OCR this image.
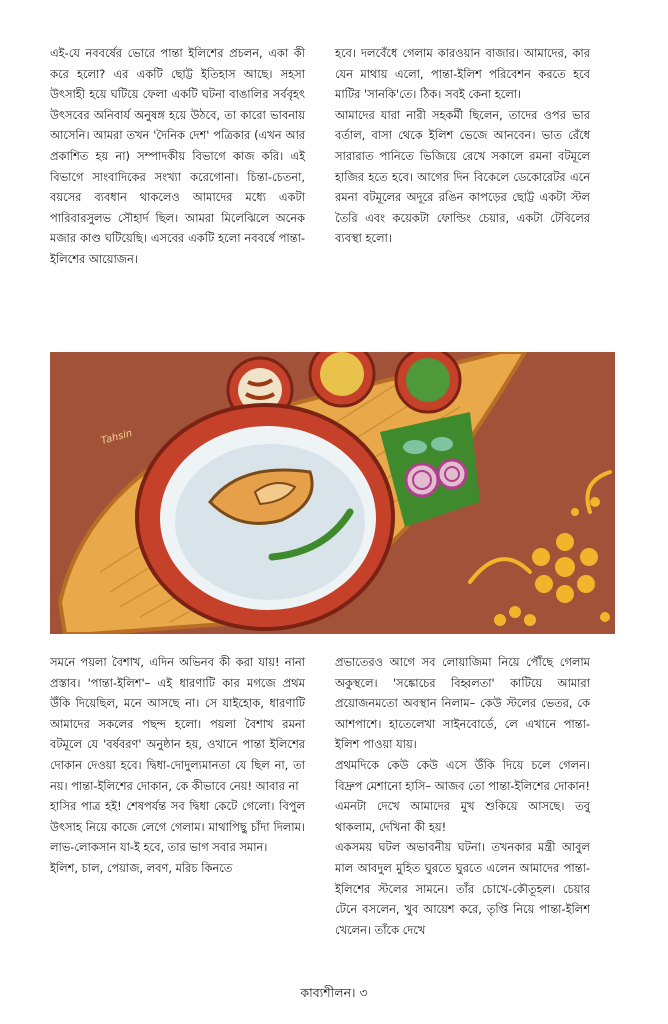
এই-যে নববর্ষের ভোরে পান্তা ইলিশের প্রচলন, একা কী করে হলো? এর একটি ছোট্ট ইতিহাস আছে। সহসা উৎসাহী হয়ে ঘটিয়ে ফেলা একটি ঘটনা বাঙালির সর্ববৃহৎ উৎসবের অনিবার্য অনুষঙ্গ হয়ে উঠবে, তা কারো ভাবনায় আসেনি। আমরা তখন 'দৈনিক দেশ' পত্রিকার (এখন আর প্রকাশিত হয় না) সম্পাদকীয় বিভাগে কাজ করি। এই বিভাগে সাংবাদিকের সংখ্যা করেগোনা। চিন্তা-চেতনা, বয়সের ব্যবধান থাকলেও আমাদের মধ্যে একটা পারিবারসুলভ সৌহার্দ ছিল। আমরা মিলেঝিলে অনেক মজার কাণ্ড ঘটিয়েছি। এসবের একটি হলো নববর্ষে পান্তা-ইলিশের আয়োজন।

হবে। দলবেঁধে গেলাম কারওয়ান বাজার। আমাদের, কার যেন মাথায় এলো, পান্তা-ইলিশ পরিবেশন করতে হবে মাটির 'সানকি'তে। ঠিক। সবই কেনা হলো।

আমাদের যারা নারী সহকর্মী ছিলেন, তাদের ওপর ভার বর্তাল, বাসা থেকে ইলিশ ভেজে আনবেন। ভাত রেঁধে সারারাত পানিতে ভিজিয়ে রেখে সকালে রমনা বটমূলে হাজির হতে হবে। আগের দিন বিকেলে ডেকোরেটর এনে রমনা বটমূলের অদূরে রঙিন কাপড়ের ছোট্ট একটা স্টল তৈরি এবং কয়েকটা ফোল্ডিং চেয়ার, একটা টেবিলের ব্যবস্থা হলো।

Tahsin

সমনে পয়লা বৈশাখ, এদিন অভিনব কী করা যায়! নানা প্রস্তাব। 'পান্তা-ইলিশ'– এই ধারণাটি কার মগজে প্রথম উঁকি দিয়েছিল, মনে আসছে না। সে যাইহোক, ধারণাটি আমাদের সকলের পছন্দ হলো। পয়লা বৈশাখ রমনা বটমূলে যে 'বর্ষবরণ' অনুষ্ঠান হয়, ওখানে পান্তা ইলিশের দোকান দেওয়া হবে। দ্বিধা-দোদুল্যমানতা যে ছিল না, তা নয়। পান্তা-ইলিশের দোকান, কে কীভাবে নেয়! আবার না

হাসির পাত্র হই! শেষপর্যন্ত সব দ্বিধা কেটে গেলো। বিপুল উৎসাহ নিয়ে কাজে লেগে গেলাম। মাথাপিছু চাঁদা দিলাম। লাভ-লোকসান যা-ই হবে, তার ভাগ সবার সমান।

ইলিশ, চাল, পেয়াজ, লবণ, মরিচ কিনতে

প্রভাতেরও আগে সব লোয়াজিমা নিয়ে পৌঁছে গেলাম অকুস্থলে। 'সঙ্কোচের বিহ্বলতা' কাটিয়ে আমারা প্রয়োজনমতো অবস্থান নিলাম– কেউ স্টলের ভেতর, কে আশপাশে। হাতেলেখা সাইনবোর্ডে, লে এখানে পান্তা-ইলিশ পাওয়া যায়।

প্রথমদিকে কেউ কেউ এসে উঁকি দিয়ে চলে গেলন। বিদ্রুপ মেশানো হাসি– আজব তো পান্তা-ইলিশের দোকান! এমনটা দেখে আমাদের মুখ শুকিয়ে আসছে। তবু থাকলাম, দেখিনা কী হয়!

একসময় ঘটল অভাবনীয় ঘটনা। তখনকার মন্ত্রী আবুল মাল আবদুল মুহিত ঘুরতে ঘুরতে এলেন আমাদের পান্তা-ইলিশের স্টলের সামনে। তাঁর চোখে-কৌতূহল। চেয়ার টেনে বসলেন, খুব আয়েশ করে, তৃপ্তি নিয়ে পান্তা-ইলিশ খেলেন। তাঁকে দেখে

কাব্যশীলন। ৩
